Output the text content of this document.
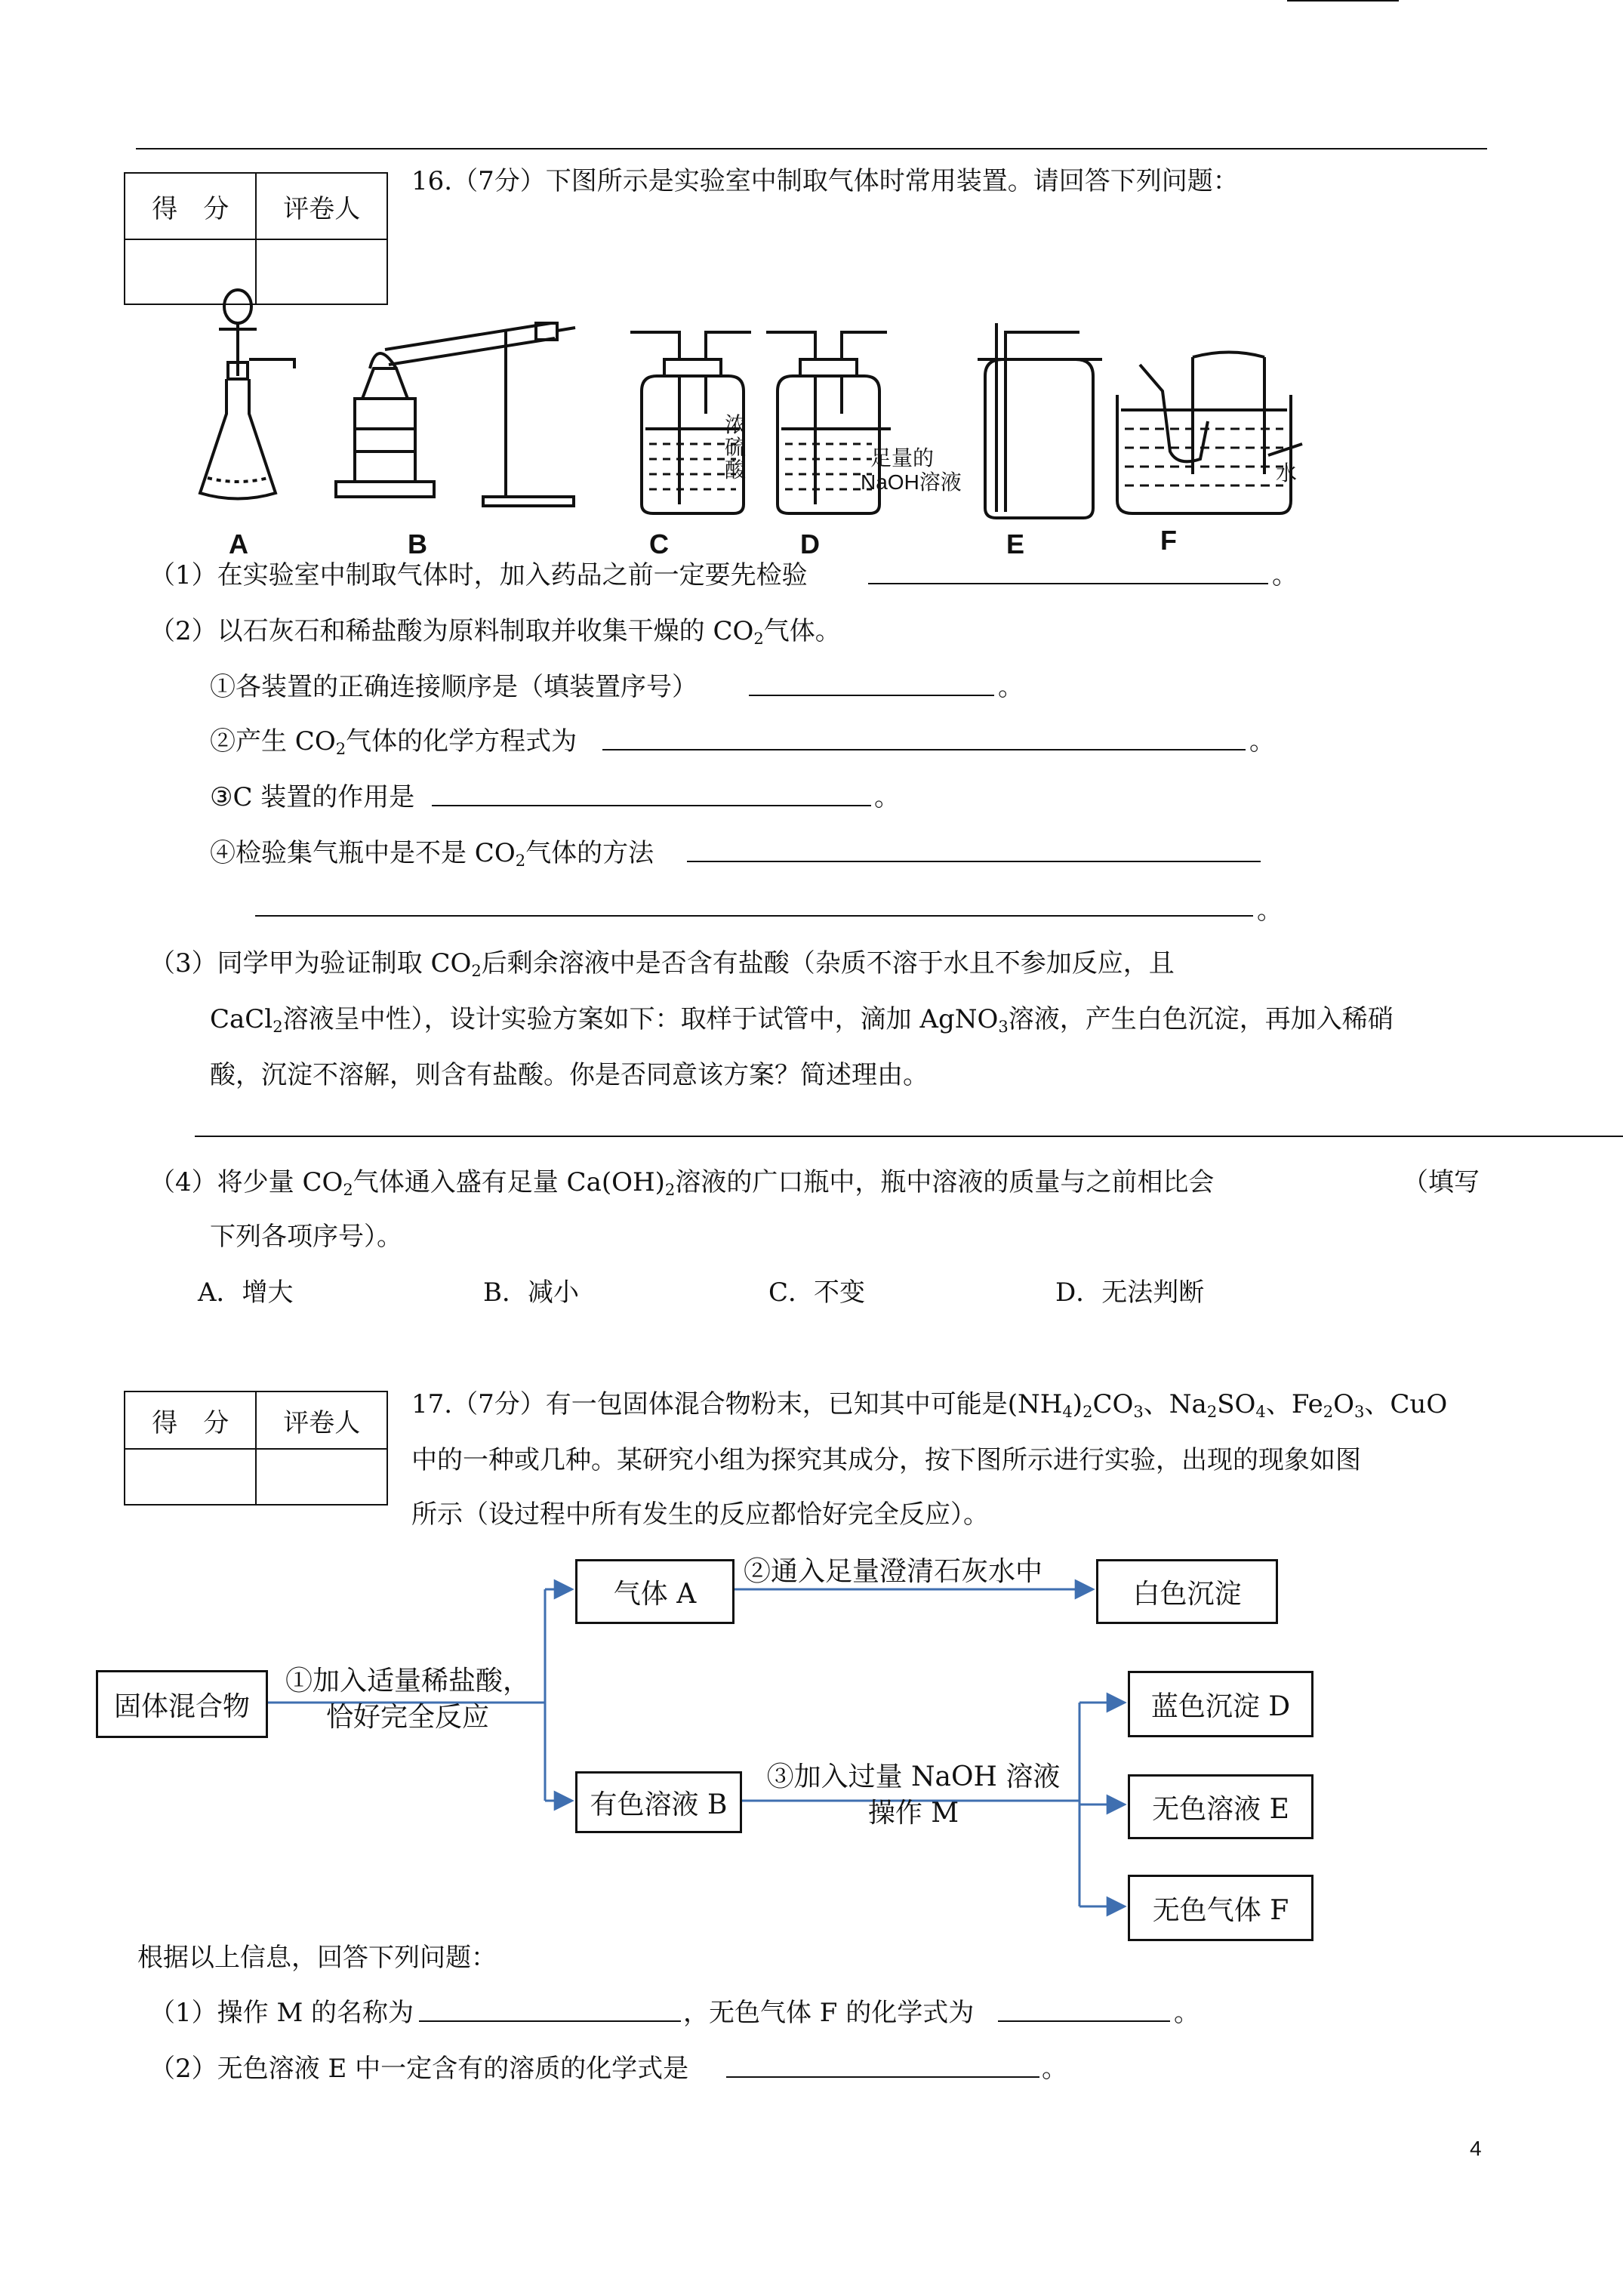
得　分	评卷人

16.（7分）下图所示是实验室中制取气体时常用装置。请回答下列问题：
A	B	C	D	E	F
浓
硫
酸
足量的
NaOH溶液	水
（1）在实验室中制取气体时，加入药品之前一定要先检验	。
（2）以石灰石和稀盐酸为原料制取并收集干燥的 $CO_2$气体。
①各装置的正确连接顺序是（填装置序号）	。
②产生 $CO_2$气体的化学方程式为	。
③C 装置的作用是	。
④检验集气瓶中是不是 $CO_2$气体的方法
。
（3）同学甲为验证制取 $CO_2$后剩余溶液中是否含有盐酸（杂质不溶于水且不参加反应，且
CaCl$_2$溶液呈中性），设计实验方案如下：取样于试管中，滴加 AgNO$_3$溶液，产生白色沉淀，再加入稀硝
酸，沉淀不溶解，则含有盐酸。你是否同意该方案？简述理由。
（4）将少量 $CO_2$气体通入盛有足量 $Ca(OH)_2$溶液的广口瓶中，瓶中溶液的质量与之前相比会	（填写
下列各项序号）。
A．增大	B．减小	C．不变	D．无法判断
得　分	评卷人

17.（7分）有一包固体混合物粉末，已知其中可能是$(NH_4)_2CO_3$、$Na_2SO_4$、$Fe_2O_3$、CuO
中的一种或几种。某研究小组为探究其成分，按下图所示进行实验，出现的现象如图
所示（设过程中所有发生的反应都恰好完全反应）。
固体混合物
①加入适量稀盐酸，
恰好完全反应
气体 A
②通入足量澄清石灰水中
白色沉淀
有色溶液 B
③加入过量 NaOH 溶液
操作 M
蓝色沉淀 D
无色溶液 E
无色气体 F
根据以上信息，回答下列问题：
（1）操作 M 的名称为	，无色气体 F 的化学式为	。
（2）无色溶液 E 中一定含有的溶质的化学式是	。
4
